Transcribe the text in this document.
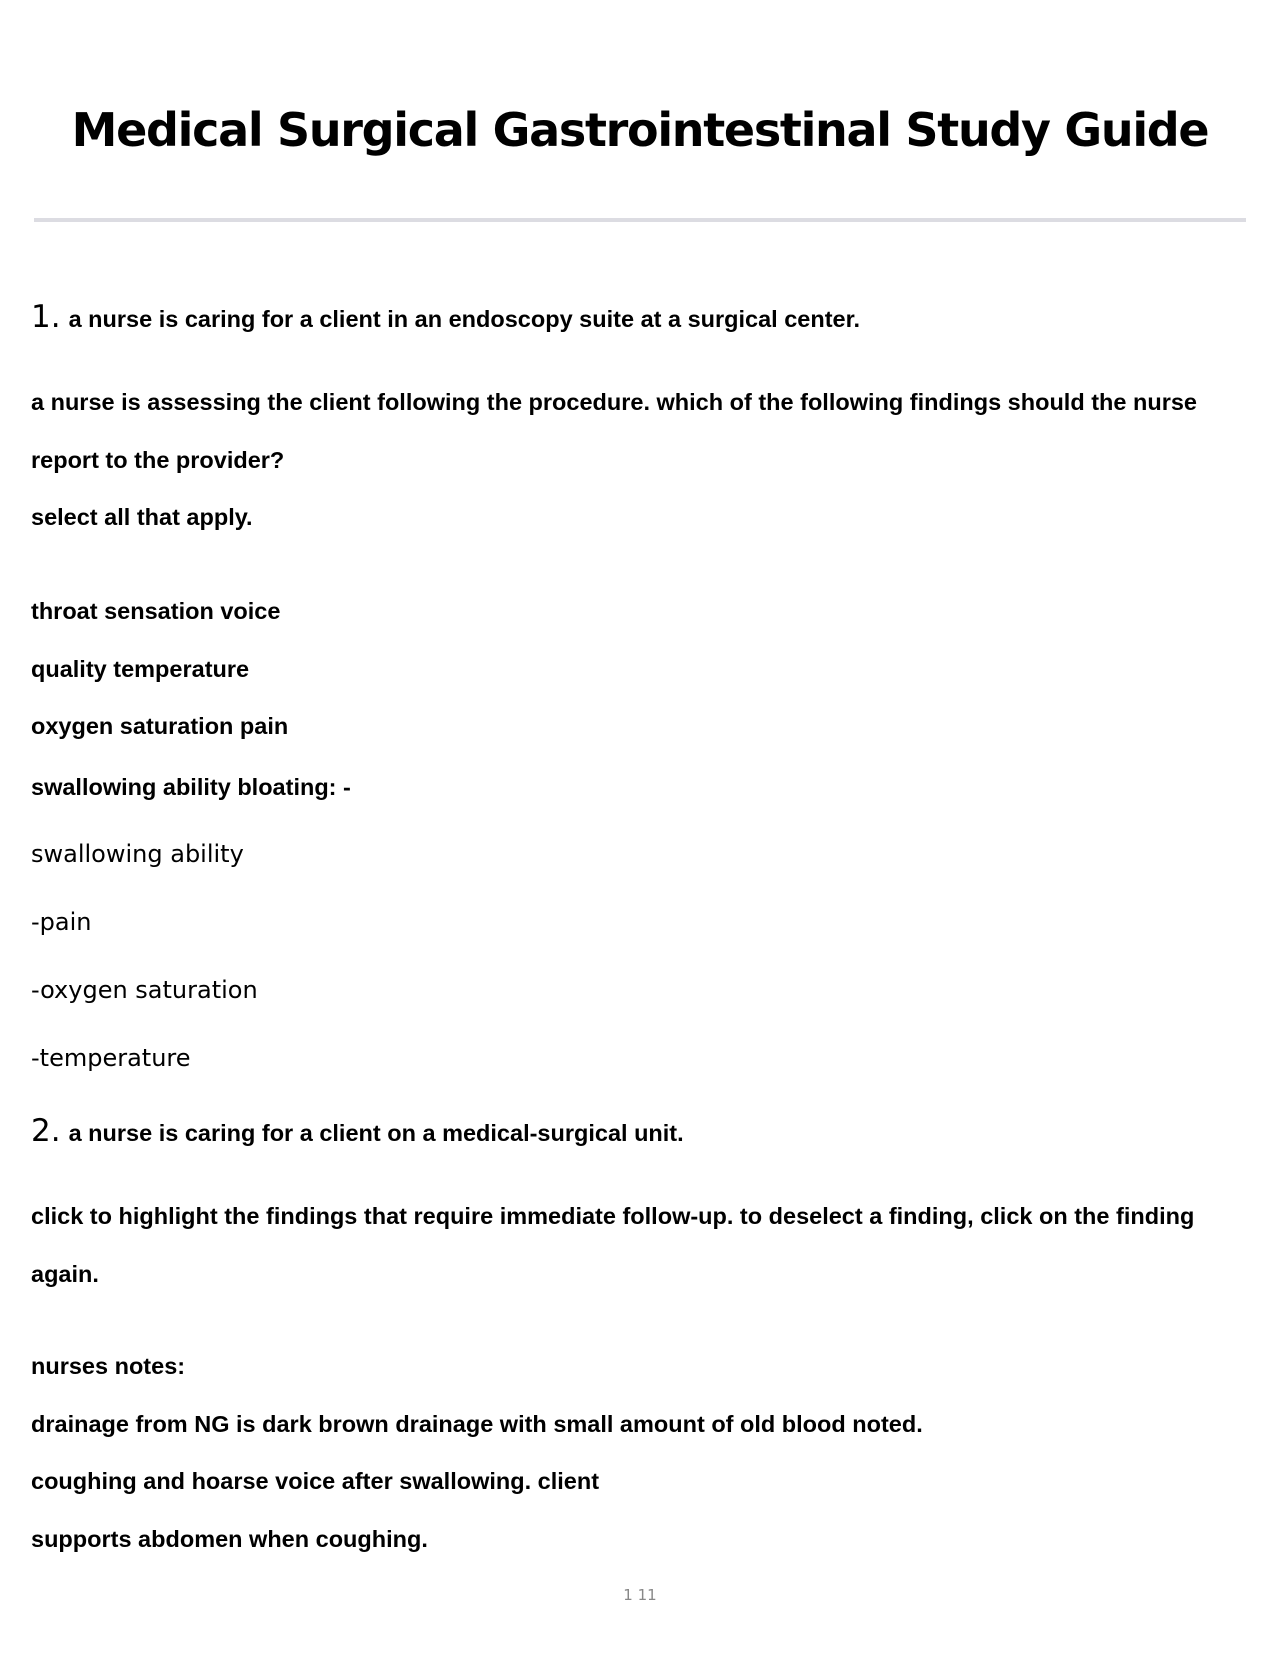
Medical Surgical Gastrointestinal Study Guide
1. a nurse is caring for a client in an endoscopy suite at a surgical center.
a nurse is assessing the client following the procedure. which of the following findings should the nurse
report to the provider?
select all that apply.
throat sensation voice
quality temperature
oxygen saturation pain
swallowing ability bloating: -
swallowing ability
-pain
-oxygen saturation
-temperature
2. a nurse is caring for a client on a medical-surgical unit.
click to highlight the findings that require immediate follow-up. to deselect a finding, click on the finding
again.
nurses notes:
drainage from NG is dark brown drainage with small amount of old blood noted.
coughing and hoarse voice after swallowing. client
supports abdomen when coughing.
1 11
